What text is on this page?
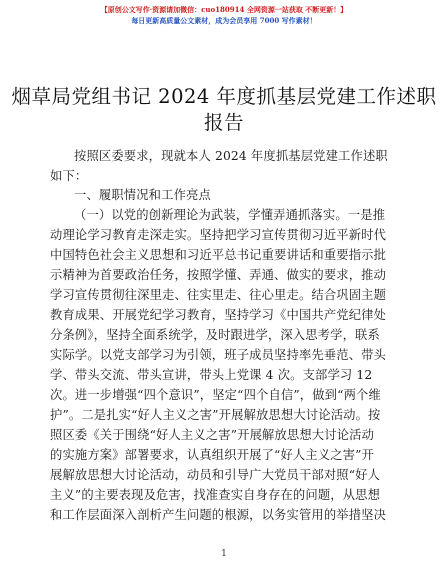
【原创公文写作·资源请加微信：cuo180914 全网资源一站获取 不断更新！】
每日更新高质量公文素材，成为会员享用 7000 写作素材！
烟草局党组书记 2024 年度抓基层党建工作述职
报告
按照区委要求，现就本人 2024 年度抓基层党建工作述职
如下：
一、履职情况和工作亮点
（一）以党的创新理论为武装，学懂弄通抓落实。一是推
动理论学习教育走深走实。坚持把学习宣传贯彻习近平新时代
中国特色社会主义思想和习近平总书记重要讲话和重要指示批
示精神为首要政治任务，按照学懂、弄通、做实的要求，推动
学习宣传贯彻往深里走、往实里走、往心里走。结合巩固主题
教育成果、开展党纪学习教育，坚持学习《中国共产党纪律处
分条例》，坚持全面系统学，及时跟进学，深入思考学，联系
实际学。以党支部学习为引领，班子成员坚持率先垂范、带头
学、带头交流、带头宣讲，带头上党课 4 次。支部学习 12
次。进一步增强“四个意识”，坚定“四个自信”，做到“两个维
护”。二是扎实“好人主义之害”开展解放思想大讨论活动。按
照区委《关于围绕“好人主义之害”开展解放思想大讨论活动
的实施方案》部署要求，认真组织开展了“好人主义之害”开
展解放思想大讨论活动，动员和引导广大党员干部对照“好人
主义”的主要表现及危害，找准查实自身存在的问题，从思想
和工作层面深入剖析产生问题的根源，以务实管用的举措坚决
1
